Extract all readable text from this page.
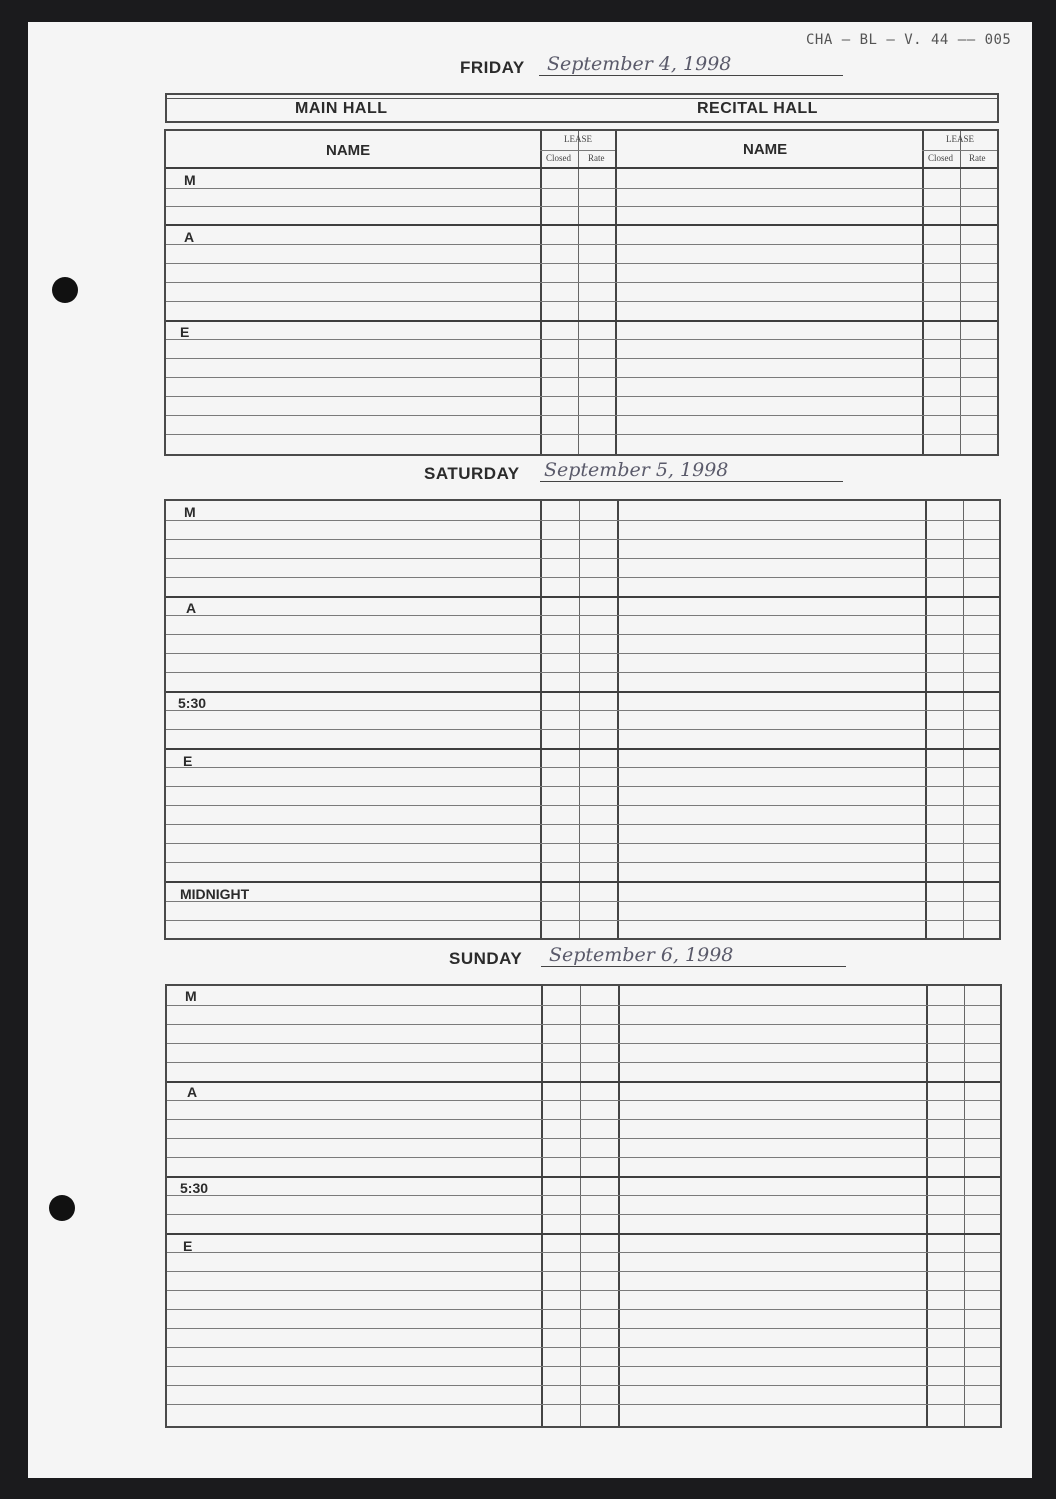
CHA — BL — V. 44 —— 005
FRIDAY September 4, 1998
MAIN HALL	RECITAL HALL
NAME	NAME
LEASE
Closed Rate
LEASE
Closed Rate
M
A
E
SATURDAY September 5, 1998
M
A
5:30
E
MIDNIGHT
SUNDAY September 6, 1998
M
A
5:30
E
